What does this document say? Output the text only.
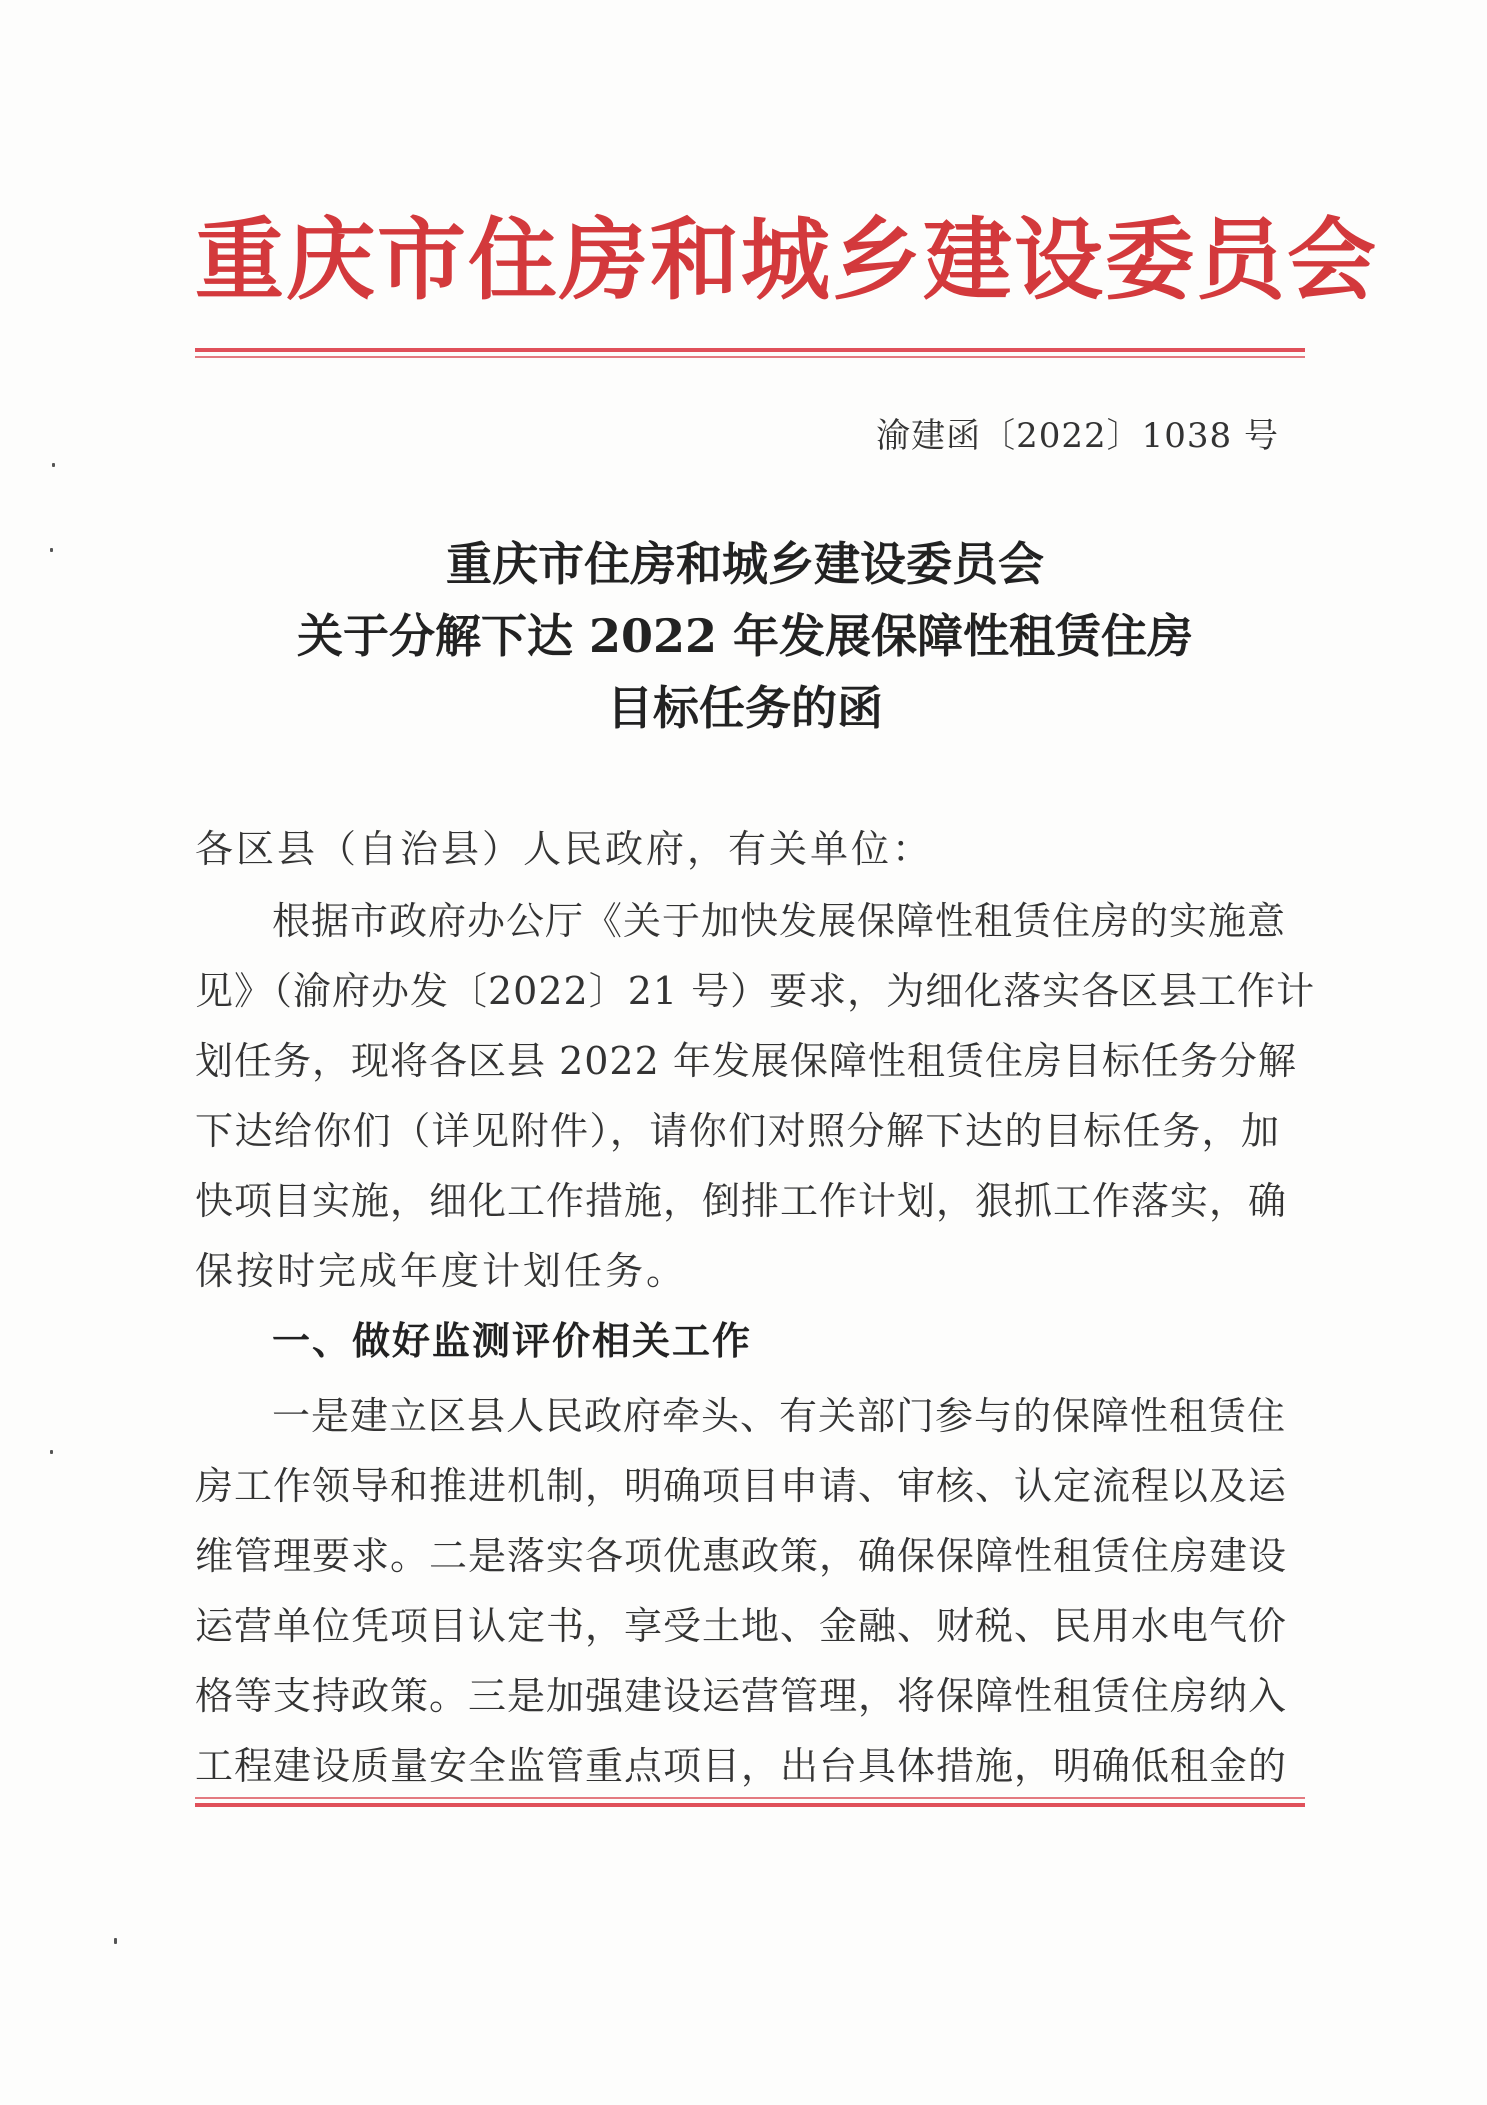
重庆市住房和城乡建设委员会
渝建函〔2022〕1038 号
重庆市住房和城乡建设委员会
关于分解下达 2022 年发展保障性租赁住房
目标任务的函
各区县（自治县）人民政府，有关单位：
根据市政府办公厅《关于加快发展保障性租赁住房的实施意
见》（渝府办发〔2022〕21 号）要求，为细化落实各区县工作计
划任务，现将各区县 2022 年发展保障性租赁住房目标任务分解
下达给你们（详见附件），请你们对照分解下达的目标任务，加
快项目实施，细化工作措施，倒排工作计划，狠抓工作落实，确
保按时完成年度计划任务。
一、做好监测评价相关工作
一是建立区县人民政府牵头、有关部门参与的保障性租赁住
房工作领导和推进机制，明确项目申请、审核、认定流程以及运
维管理要求。二是落实各项优惠政策，确保保障性租赁住房建设
运营单位凭项目认定书，享受土地、金融、财税、民用水电气价
格等支持政策。三是加强建设运营管理，将保障性租赁住房纳入
工程建设质量安全监管重点项目，出台具体措施，明确低租金的
